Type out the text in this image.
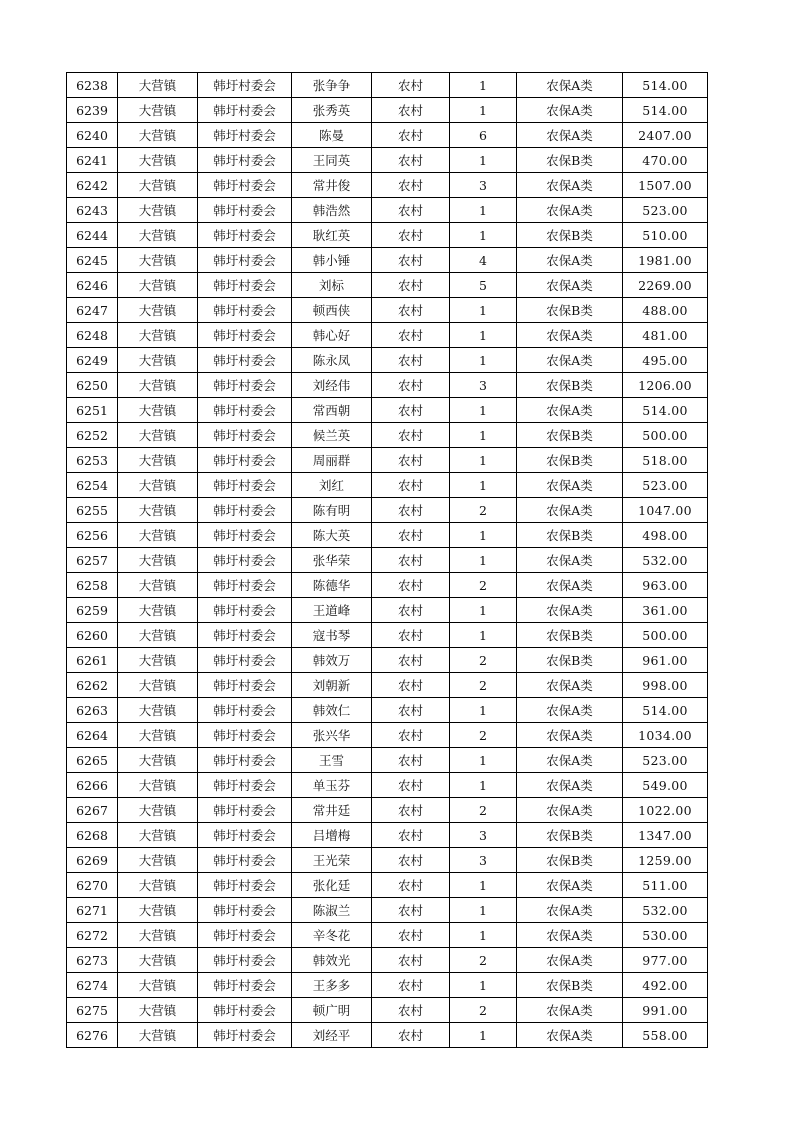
6238	大营镇	韩圩村委会	张争争	农村	1	农保A类	514.00
6239	大营镇	韩圩村委会	张秀英	农村	1	农保A类	514.00
6240	大营镇	韩圩村委会	陈曼	农村	6	农保A类	2407.00
6241	大营镇	韩圩村委会	王同英	农村	1	农保B类	470.00
6242	大营镇	韩圩村委会	常井俊	农村	3	农保A类	1507.00
6243	大营镇	韩圩村委会	韩浩然	农村	1	农保A类	523.00
6244	大营镇	韩圩村委会	耿红英	农村	1	农保B类	510.00
6245	大营镇	韩圩村委会	韩小锤	农村	4	农保A类	1981.00
6246	大营镇	韩圩村委会	刘标	农村	5	农保A类	2269.00
6247	大营镇	韩圩村委会	顿西侠	农村	1	农保B类	488.00
6248	大营镇	韩圩村委会	韩心好	农村	1	农保A类	481.00
6249	大营镇	韩圩村委会	陈永凤	农村	1	农保A类	495.00
6250	大营镇	韩圩村委会	刘经伟	农村	3	农保B类	1206.00
6251	大营镇	韩圩村委会	常西朝	农村	1	农保A类	514.00
6252	大营镇	韩圩村委会	候兰英	农村	1	农保B类	500.00
6253	大营镇	韩圩村委会	周丽群	农村	1	农保B类	518.00
6254	大营镇	韩圩村委会	刘红	农村	1	农保A类	523.00
6255	大营镇	韩圩村委会	陈有明	农村	2	农保A类	1047.00
6256	大营镇	韩圩村委会	陈大英	农村	1	农保B类	498.00
6257	大营镇	韩圩村委会	张华荣	农村	1	农保A类	532.00
6258	大营镇	韩圩村委会	陈德华	农村	2	农保A类	963.00
6259	大营镇	韩圩村委会	王道峰	农村	1	农保A类	361.00
6260	大营镇	韩圩村委会	寇书琴	农村	1	农保B类	500.00
6261	大营镇	韩圩村委会	韩效万	农村	2	农保B类	961.00
6262	大营镇	韩圩村委会	刘朝新	农村	2	农保A类	998.00
6263	大营镇	韩圩村委会	韩效仁	农村	1	农保A类	514.00
6264	大营镇	韩圩村委会	张兴华	农村	2	农保A类	1034.00
6265	大营镇	韩圩村委会	王雪	农村	1	农保A类	523.00
6266	大营镇	韩圩村委会	单玉芬	农村	1	农保A类	549.00
6267	大营镇	韩圩村委会	常井廷	农村	2	农保A类	1022.00
6268	大营镇	韩圩村委会	吕增梅	农村	3	农保B类	1347.00
6269	大营镇	韩圩村委会	王光荣	农村	3	农保B类	1259.00
6270	大营镇	韩圩村委会	张化廷	农村	1	农保A类	511.00
6271	大营镇	韩圩村委会	陈淑兰	农村	1	农保A类	532.00
6272	大营镇	韩圩村委会	辛冬花	农村	1	农保A类	530.00
6273	大营镇	韩圩村委会	韩效光	农村	2	农保A类	977.00
6274	大营镇	韩圩村委会	王多多	农村	1	农保B类	492.00
6275	大营镇	韩圩村委会	顿广明	农村	2	农保A类	991.00
6276	大营镇	韩圩村委会	刘经平	农村	1	农保A类	558.00
